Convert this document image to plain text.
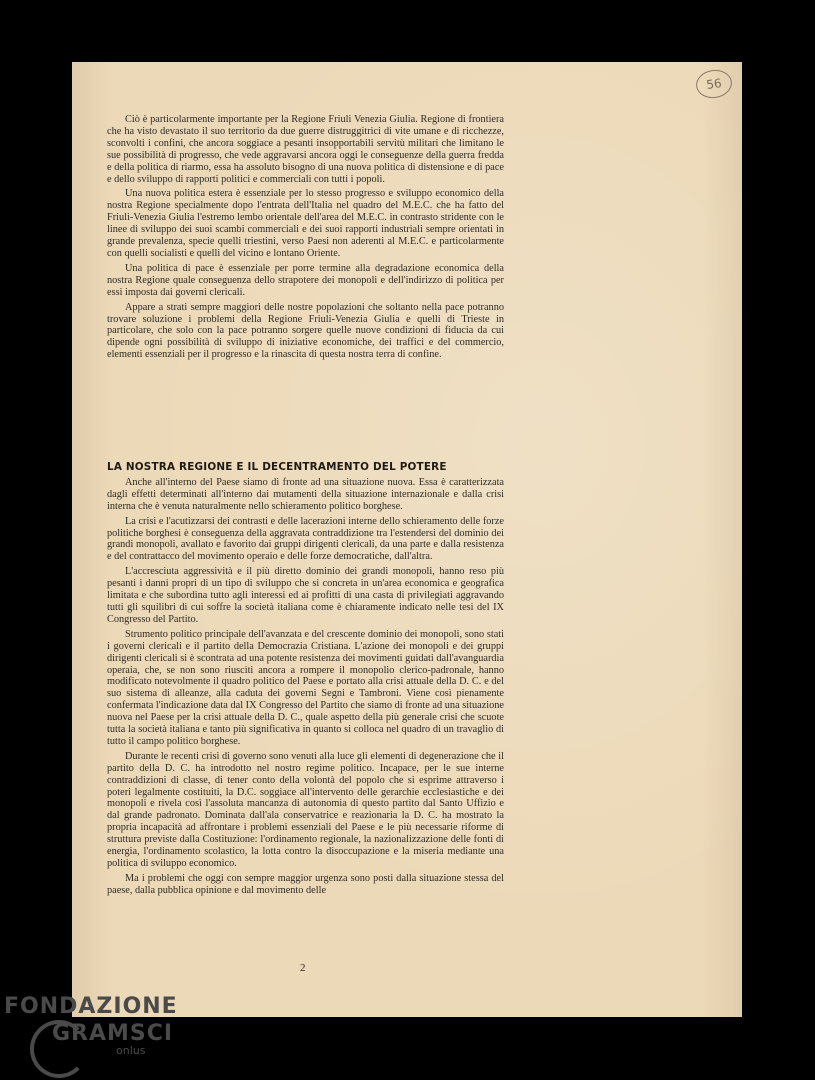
56

Ciò è particolarmente importante per la Regione Friuli Venezia Giulia. Regione di frontiera che ha visto devastato il suo territorio da due guerre distruggitrici di vite umane e di ricchezze, sconvolti i confini, che ancora soggiace a pesanti insopportabili servitù militari che limitano le sue possibilità di progresso, che vede aggravarsi ancora oggi le conseguenze della guerra fredda e della politica di riarmo, essa ha assoluto bisogno di una nuova politica di distensione e di pace e dello sviluppo di rapporti politici e commerciali con tutti i popoli.

Una nuova politica estera è essenziale per lo stesso progresso e sviluppo economico della nostra Regione specialmente dopo l'entrata dell'Italia nel quadro del M.E.C. che ha fatto del Friuli-Venezia Giulia l'estremo lembo orientale dell'area del M.E.C. in contrasto stridente con le linee di sviluppo dei suoi scambi commerciali e dei suoi rapporti industriali sempre orientati in grande prevalenza, specie quelli triestini, verso Paesi non aderenti al M.E.C. e particolarmente con quelli socialisti e quelli del vicino e lontano Oriente.

Una politica di pace è essenziale per porre termine alla degradazione economica della nostra Regione quale conseguenza dello strapotere dei monopoli e dell'indirizzo di politica per essi imposta dai governi clericali.

Appare a strati sempre maggiori delle nostre popolazioni che soltanto nella pace potranno trovare soluzione i problemi della Regione Friuli-Venezia Giulia e quelli di Trieste in particolare, che solo con la pace potranno sorgere quelle nuove condizioni di fiducia da cui dipende ogni possibilità di sviluppo di iniziative economiche, dei traffici e del commercio, elementi essenziali per il progresso e la rinascita di questa nostra terra di confine.

LA NOSTRA REGIONE E IL DECENTRAMENTO DEL POTERE

Anche all'interno del Paese siamo di fronte ad una situazione nuova. Essa è caratterizzata dagli effetti determinati all'interno dai mutamenti della situazione internazionale e dalla crisi interna che è venuta naturalmente nello schieramento politico borghese.

La crisi e l'acutizzarsi dei contrasti e delle lacerazioni interne dello schieramento delle forze politiche borghesi è conseguenza della aggravata contraddizione tra l'estendersi del dominio dei grandi monopoli, avallato e favorito dai gruppi dirigenti clericali, da una parte e dalla resistenza e del contrattacco del movimento operaio e delle forze democratiche, dall'altra.

L'accresciuta aggressività e il più diretto dominio dei grandi monopoli, hanno reso più pesanti i danni propri di un tipo di sviluppo che si concreta in un'area economica e geografica limitata e che subordina tutto agli interessi ed ai profitti di una casta di privilegiati aggravando tutti gli squilibri di cui soffre la società italiana come è chiaramente indicato nelle tesi del IX Congresso del Partito.

Strumento politico principale dell'avanzata e del crescente dominio dei monopoli, sono stati i governi clericali e il partito della Democrazia Cristiana. L'azione dei monopoli e dei gruppi dirigenti clericali si è scontrata ad una potente resistenza dei movimenti guidati dall'avanguardia operaia, che, se non sono riusciti ancora a rompere il monopolio clerico-padronale, hanno modificato notevolmente il quadro politico del Paese e portato alla crisi attuale della D. C. e del suo sistema di alleanze, alla caduta dei governi Segni e Tambroni. Viene così pienamente confermata l'indicazione data dal IX Congresso del Partito che siamo di fronte ad una situazione nuova nel Paese per la crisi attuale della D. C., quale aspetto della più generale crisi che scuote tutta la società italiana e tanto più significativa in quanto si colloca nel quadro di un travaglio di tutto il campo politico borghese.

Durante le recenti crisi di governo sono venuti alla luce gli elementi di degenerazione che il partito della D. C. ha introdotto nel nostro regime politico. Incapace, per le sue interne contraddizioni di classe, di tener conto della volontà del popolo che si esprime attraverso i poteri legalmente costituiti, la D.C. soggiace all'intervento delle gerarchie ecclesiastiche e dei monopoli e rivela così l'assoluta mancanza di autonomia di questo partito dal Santo Uffizio e dal grande padronato. Dominata dall'ala conservatrice e reazionaria la D. C. ha mostrato la propria incapacità ad affrontare i problemi essenziali del Paese e le più necessarie riforme di struttura previste dalla Costituzione: l'ordinamento regionale, la nazionalizzazione delle fonti di energia, l'ordinamento scolastico, la lotta contro la disoccupazione e la miseria mediante una politica di sviluppo economico.

Ma i problemi che oggi con sempre maggior urgenza sono posti dalla situazione stessa del paese, dalla pubblica opinione e dal movimento delle

2
FONDAZIONE
GRAMSCI
onlus
